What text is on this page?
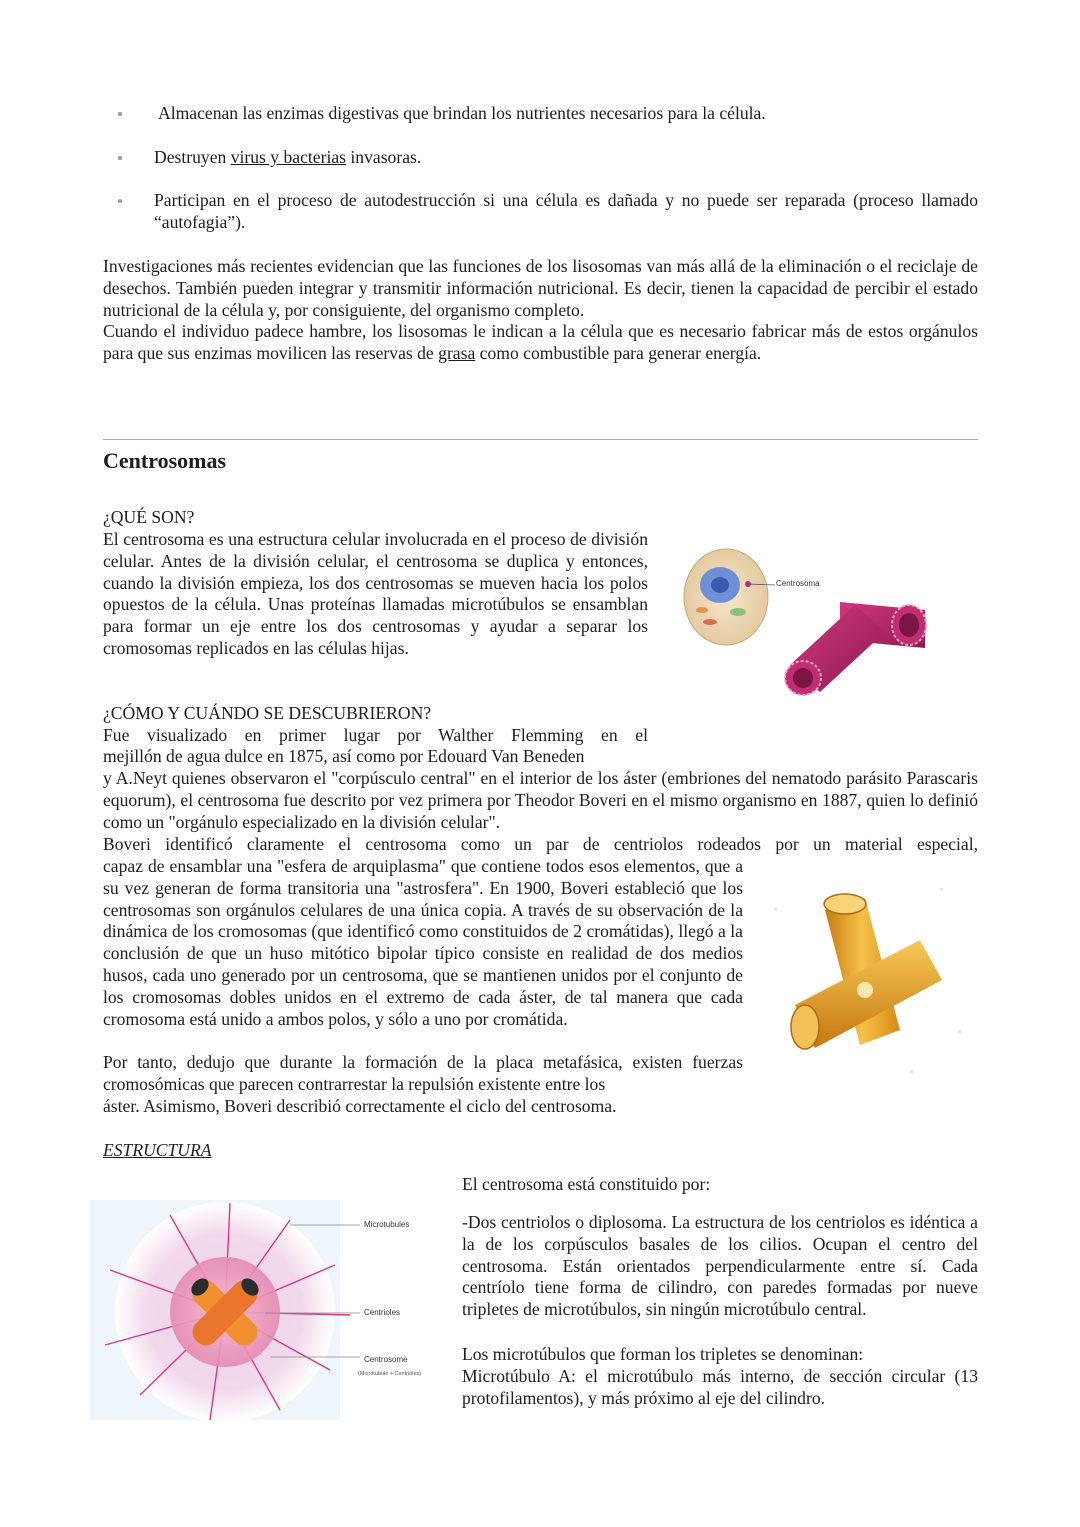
Almacenan las enzimas digestivas que brindan los nutrientes necesarios para la célula.

Destruyen virus y bacterias invasoras.

Participan en el proceso de autodestrucción si una célula es dañada y no puede ser reparada (proceso llamado “autofagia”).

Investigaciones más recientes evidencian que las funciones de los lisosomas van más allá de la eliminación o el reciclaje de desechos. También pueden integrar y transmitir información nutricional. Es decir, tienen la capacidad de percibir el estado nutricional de la célula y, por consiguiente, del organismo completo.

Cuando el individuo padece hambre, los lisosomas le indican a la célula que es necesario fabricar más de estos orgánulos para que sus enzimas movilicen las reservas de grasa como combustible para generar energía.

Centrosomas

¿QUÉ SON?

El centrosoma es una estructura celular involucrada en el proceso de división celular. Antes de la división celular, el centrosoma se duplica y entonces, cuando la división empieza, los dos centrosomas se mueven hacia los polos opuestos de la célula. Unas proteínas llamadas microtúbulos se ensamblan para formar un eje entre los dos centrosomas y ayudar a separar los cromosomas replicados en las células hijas.

Centrosoma
Dos Centriolos

¿CÓMO Y CUÁNDO SE DESCUBRIERON?

Fue visualizado en primer lugar por Walther Flemming en el

mejillón de agua dulce en 1875, así como por Edouard Van Beneden

y A.Neyt quienes observaron el "corpúsculo central" en el interior de los áster (embriones del nematodo parásito Parascaris equorum), el centrosoma fue descrito por vez primera por Theodor Boveri en el mismo organismo en 1887, quien lo definió como un "orgánulo especializado en la división celular".

Boveri identificó claramente el centrosoma como un par de centriolos rodeados por un material especial,

capaz de ensamblar una "esfera de arquiplasma" que contiene todos esos elementos, que a su vez generan de forma transitoria una "astrosfera". En 1900, Boveri estableció que los centrosomas son orgánulos celulares de una única copia. A través de su observación de la dinámica de los cromosomas (que identificó como constituidos de 2 cromátidas), llegó a la conclusión de que un huso mitótico bipolar típico consiste en realidad de dos medios husos, cada uno generado por un centrosoma, que se mantienen unidos por el conjunto de los cromosomas dobles unidos en el extremo de cada áster, de tal manera que cada cromosoma está unido a ambos polos, y sólo a uno por cromátida.

Por tanto, dedujo que durante la formación de la placa metafásica, existen fuerzas cromosómicas que parecen contrarrestar la repulsión existente entre los

áster. Asimismo, Boveri describió correctamente el ciclo del centrosoma.

ESTRUCTURA

El centrosoma está constituido por:

-Dos centriolos o diplosoma. La estructura de los centriolos es idéntica a la de los corpúsculos basales de los cilios. Ocupan el centro del centrosoma. Están orientados perpendicularmente entre sí. Cada centríolo tiene forma de cilindro, con paredes formadas por nueve tripletes de microtúbulos, sin ningún microtúbulo central.

Los microtúbulos que forman los tripletes se denominan:

Microtúbulo A: el microtúbulo más interno, de sección circular (13 protofilamentos), y más próximo al eje del cilindro.

Microtubules
Centrioles
Centrosome
(Microtubule + Centrioles)
